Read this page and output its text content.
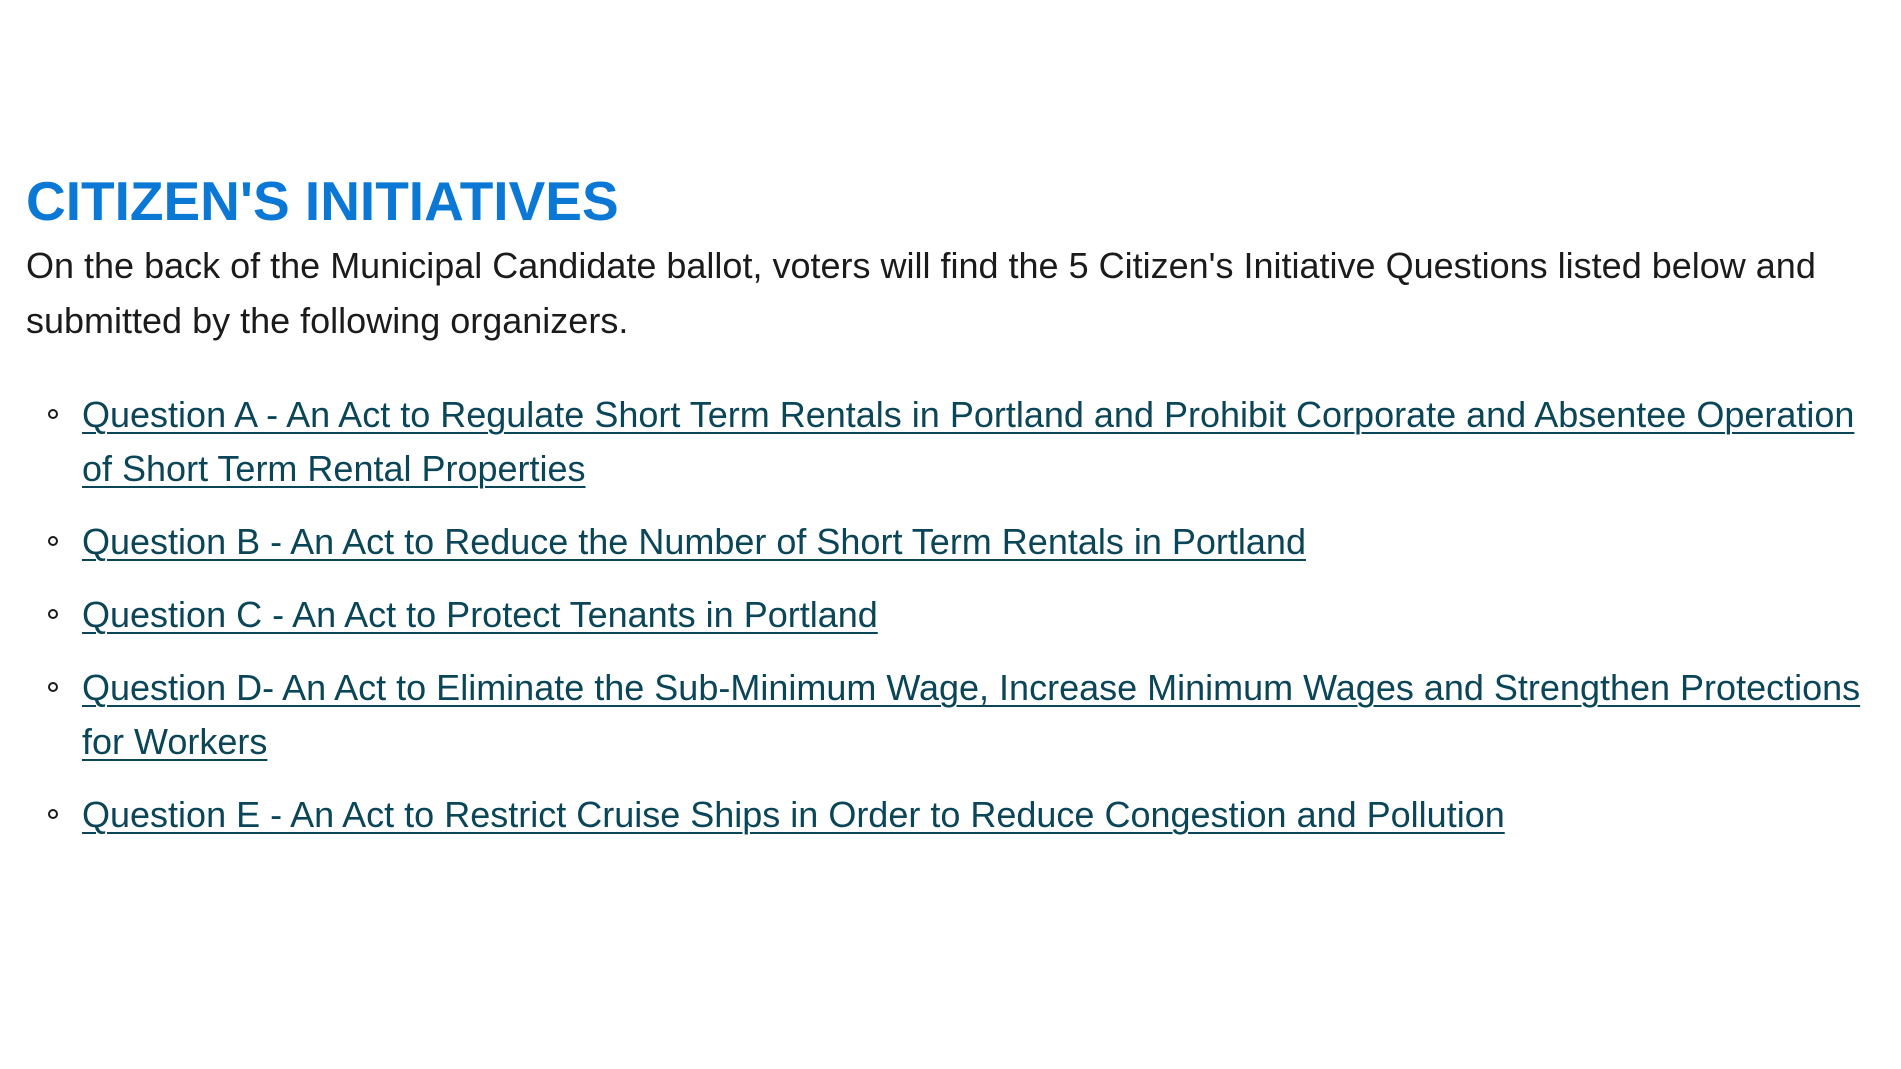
CITIZEN'S INITIATIVES

On the back of the Municipal Candidate ballot, voters will find the 5 Citizen's Initiative Questions listed below and submitted by the following organizers.

Question A - An Act to Regulate Short Term Rentals in Portland and Prohibit Corporate and Absentee Operation of Short Term Rental Properties
Question B - An Act to Reduce the Number of Short Term Rentals in Portland
Question C - An Act to Protect Tenants in Portland
Question D- An Act to Eliminate the Sub-Minimum Wage, Increase Minimum Wages and Strengthen Protections for Workers
Question E - An Act to Restrict Cruise Ships in Order to Reduce Congestion and Pollution
